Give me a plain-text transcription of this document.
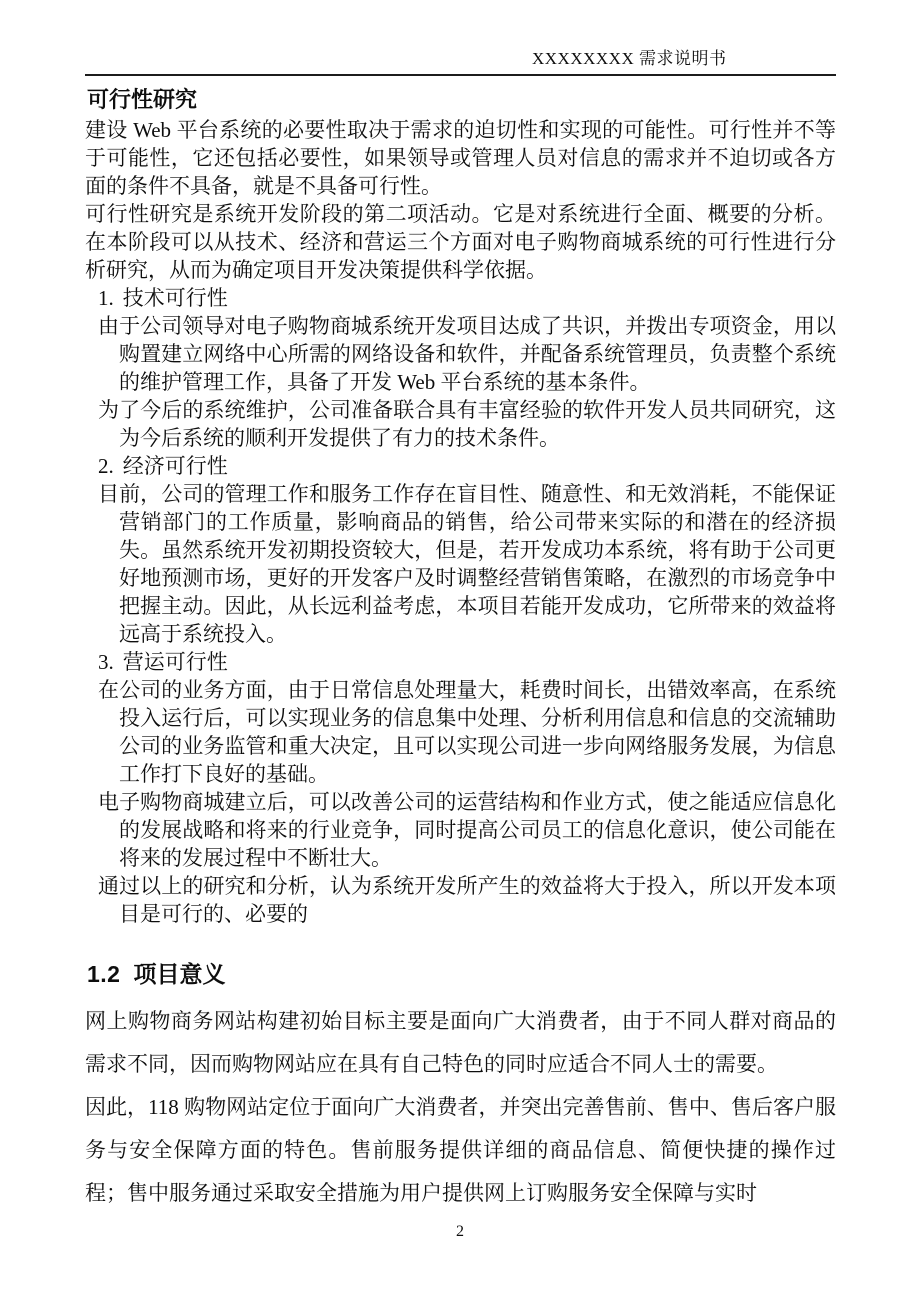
XXXXXXXX 需求说明书
可行性研究

建设 Web 平台系统的必要性取决于需求的迫切性和实现的可能性。可行性并不等于可能性，它还包括必要性，如果领导或管理人员对信息的需求并不迫切或各方面的条件不具备，就是不具备可行性。

可行性研究是系统开发阶段的第二项活动。它是对系统进行全面、概要的分析。在本阶段可以从技术、经济和营运三个方面对电子购物商城系统的可行性进行分析研究，从而为确定项目开发决策提供科学依据。

1. 技术可行性

由于公司领导对电子购物商城系统开发项目达成了共识，并拨出专项资金，用以购置建立网络中心所需的网络设备和软件，并配备系统管理员，负责整个系统的维护管理工作，具备了开发 Web 平台系统的基本条件。

为了今后的系统维护，公司准备联合具有丰富经验的软件开发人员共同研究，这为今后系统的顺利开发提供了有力的技术条件。

2. 经济可行性

目前，公司的管理工作和服务工作存在盲目性、随意性、和无效消耗，不能保证营销部门的工作质量，影响商品的销售，给公司带来实际的和潜在的经济损失。虽然系统开发初期投资较大，但是，若开发成功本系统，将有助于公司更好地预测市场，更好的开发客户及时调整经营销售策略，在激烈的市场竞争中把握主动。因此，从长远利益考虑，本项目若能开发成功，它所带来的效益将远高于系统投入。

3. 营运可行性

在公司的业务方面，由于日常信息处理量大，耗费时间长，出错效率高，在系统投入运行后，可以实现业务的信息集中处理、分析利用信息和信息的交流辅助公司的业务监管和重大决定，且可以实现公司进一步向网络服务发展，为信息工作打下良好的基础。

电子购物商城建立后，可以改善公司的运营结构和作业方式，使之能适应信息化的发展战略和将来的行业竞争，同时提高公司员工的信息化意识，使公司能在将来的发展过程中不断壮大。

通过以上的研究和分析，认为系统开发所产生的效益将大于投入，所以开发本项目是可行的、必要的

1.2 项目意义

网上购物商务网站构建初始目标主要是面向广大消费者，由于不同人群对商品的需求不同，因而购物网站应在具有自己特色的同时应适合不同人士的需要。

因此，118 购物网站定位于面向广大消费者，并突出完善售前、售中、售后客户服务与安全保障方面的特色。售前服务提供详细的商品信息、简便快捷的操作过程；售中服务通过采取安全措施为用户提供网上订购服务安全保障与实时

2
